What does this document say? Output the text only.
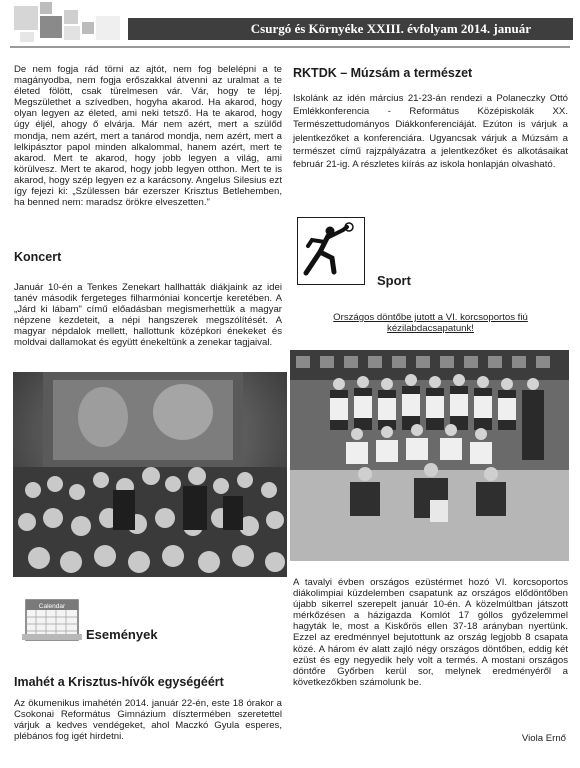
Csurgó és Környéke XXIII. évfolyam 2014. január

De nem fogja rád törni az ajtót, nem fog belelépni a te magányodba, nem fogja erőszakkal átvenni az uralmat a te életed fölött, csak türelmesen vár. Vár, hogy te lépj. Megszülethet a szívedben, hogyha akarod. Ha akarod, hogy olyan legyen az életed, ami neki tetsző. Ha te akarod, hogy úgy éljél, ahogy ő elvárja. Már nem azért, mert a szülőd mondja, nem azért, mert a tanárod mondja, nem azért, mert a lelkipásztor papol minden alkalommal, hanem azért, mert te akarod. Mert te akarod, hogy jobb legyen a világ, ami körülvesz. Mert te akarod, hogy jobb legyen otthon. Mert te is akarod, hogy szép legyen ez a karácsony. Angelus Silesius ezt így fejezi ki: „Szülessen bár ezerszer Krisztus Betlehemben, ha benned nem: maradsz örökre elveszetten."

Koncert

Január 10-én a Tenkes Zenekart hallhatták diákjaink az idei tanév második fergeteges filharmóniai koncertje keretében. A „Járd ki lábam" című előadásban megismerhettük a magyar népzene kezdeteit, a népi hangszerek megszólítését. A magyar népdalok mellett, hallottunk középkori énekeket és moldvai dallamokat és együtt énekeltünk a zenekar tagjaival.

Calendar
Események
Imahét a Krisztus-hívők egységéért

Az ökumenikus imahétén 2014. január 22-én, este 18 órakor a Csokonai Református Gimnázium dísztermében szeretettel várjuk a kedves vendégeket, ahol Maczkó Gyula esperes, plébános fog igét hirdetni.

RKTDK – Múzsám a természet

Iskolánk az idén március 21-23-án rendezi a Polaneczky Ottó Emlékkonferencia - Református Középiskolák XX. Természettudományos Diákkonferenciáját. Ezúton is várjuk a jelentkezőket a konferenciára. Ugyancsak várjuk a Múzsám a természet című rajzpályázatra a jelentkezőket és alkotásaikat február 21-ig. A részletes kiírás az iskola honlapján olvasható.

Sport

Országos döntőbe jutott a VI. korcsoportos fiú kézilabdacsapatunk!

A tavalyi évben országos ezüstérmet hozó VI. korcsoportos diákolimpiai küzdelemben csapatunk az országos elődöntőben újabb sikerrel szerepelt január 10-én. A közelmúltban játszott mérkőzésen a házigazda Komlót 17 góllos győzelemmel hagyták le, most a Kiskőrös ellen 37-18 arányban nyertünk. Ezzel az eredménnyel bejutottunk az ország legjobb 8 csapata közé. A három év alatt zajló négy országos döntőben, eddig két ezüst és egy negyedik hely volt a termés. A mostani országos döntőre Győrben kerül sor, melynek eredményéről a következőkben számolunk be.

Viola Ernő
